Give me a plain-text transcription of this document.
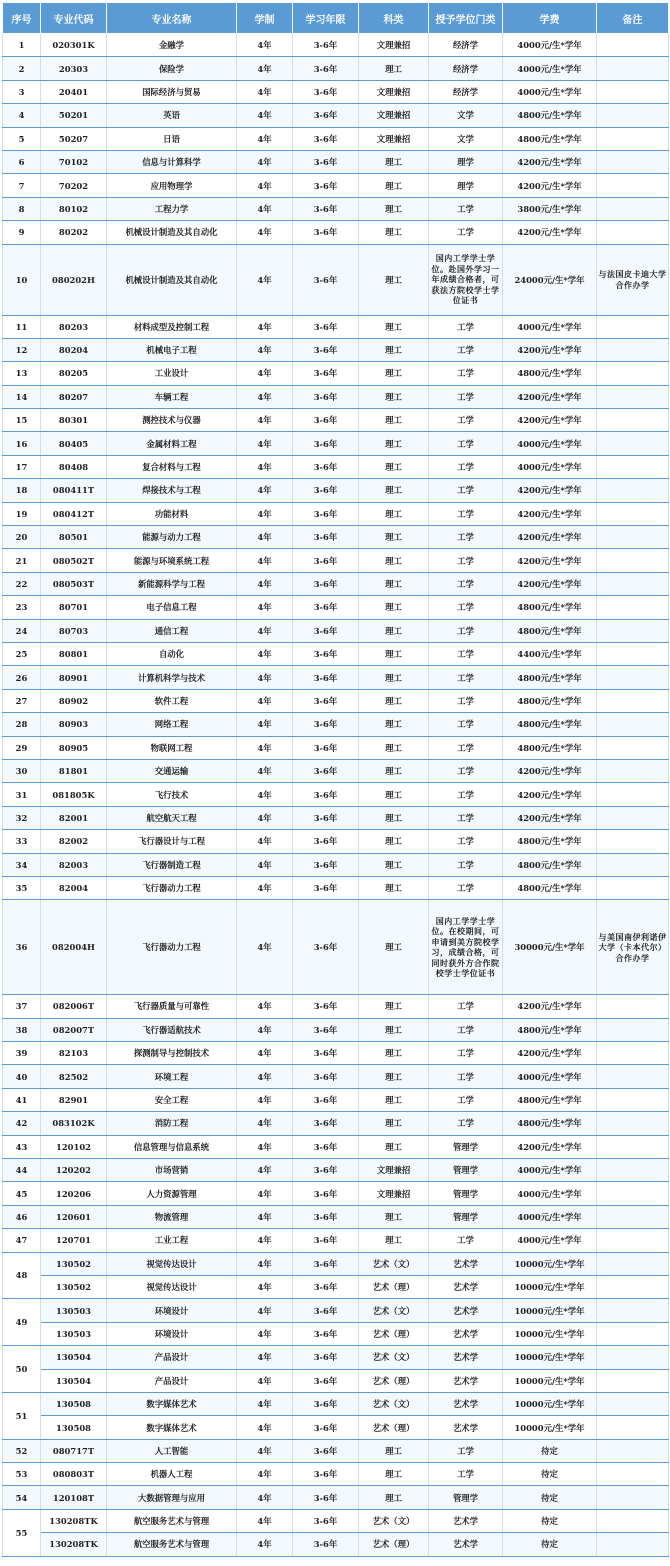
序号	专业代码	专业名称	学制	学习年限	科类	授予学位门类	学费	备注
1	020301K	金融学	4年	3-6年	文理兼招	经济学	4000元/生*学年	
2	20303	保险学	4年	3-6年	理工	经济学	4000元/生*学年	
3	20401	国际经济与贸易	4年	3-6年	文理兼招	经济学	4000元/生*学年	
4	50201	英语	4年	3-6年	文理兼招	文学	4800元/生*学年	
5	50207	日语	4年	3-6年	文理兼招	文学	4800元/生*学年	
6	70102	信息与计算科学	4年	3-6年	理工	理学	4200元/生*学年	
7	70202	应用物理学	4年	3-6年	理工	理学	4200元/生*学年	
8	80102	工程力学	4年	3-6年	理工	工学	3800元/生*学年	
9	80202	机械设计制造及其自动化	4年	3-6年	理工	工学	4200元/生*学年	
10	080202H	机械设计制造及其自动化	4年	3-6年	理工	国内工学学士学位。赴国外学习一年成绩合格者，可获法方院校学士学位证书	24000元/生*学年	与法国皮卡迪大学合作办学
11	80203	材料成型及控制工程	4年	3-6年	理工	工学	4000元/生*学年	
12	80204	机械电子工程	4年	3-6年	理工	工学	4200元/生*学年	
13	80205	工业设计	4年	3-6年	理工	工学	4800元/生*学年	
14	80207	车辆工程	4年	3-6年	理工	工学	4200元/生*学年	
15	80301	测控技术与仪器	4年	3-6年	理工	工学	4200元/生*学年	
16	80405	金属材料工程	4年	3-6年	理工	工学	4000元/生*学年	
17	80408	复合材料与工程	4年	3-6年	理工	工学	4000元/生*学年	
18	080411T	焊接技术与工程	4年	3-6年	理工	工学	4200元/生*学年	
19	080412T	功能材料	4年	3-6年	理工	工学	4200元/生*学年	
20	80501	能源与动力工程	4年	3-6年	理工	工学	4200元/生*学年	
21	080502T	能源与环境系统工程	4年	3-6年	理工	工学	4200元/生*学年	
22	080503T	新能源科学与工程	4年	3-6年	理工	工学	4200元/生*学年	
23	80701	电子信息工程	4年	3-6年	理工	工学	4800元/生*学年	
24	80703	通信工程	4年	3-6年	理工	工学	4800元/生*学年	
25	80801	自动化	4年	3-6年	理工	工学	4400元/生*学年	
26	80901	计算机科学与技术	4年	3-6年	理工	工学	4800元/生*学年	
27	80902	软件工程	4年	3-6年	理工	工学	4800元/生*学年	
28	80903	网络工程	4年	3-6年	理工	工学	4800元/生*学年	
29	80905	物联网工程	4年	3-6年	理工	工学	4800元/生*学年	
30	81801	交通运输	4年	3-6年	理工	工学	4200元/生*学年	
31	081805K	飞行技术	4年	3-6年	理工	工学	4200元/生*学年	
32	82001	航空航天工程	4年	3-6年	理工	工学	4200元/生*学年	
33	82002	飞行器设计与工程	4年	3-6年	理工	工学	4800元/生*学年	
34	82003	飞行器制造工程	4年	3-6年	理工	工学	4800元/生*学年	
35	82004	飞行器动力工程	4年	3-6年	理工	工学	4800元/生*学年	
36	082004H	飞行器动力工程	4年	3-6年	理工	国内工学学士学位。在校期间，可申请到美方院校学习，成绩合格，可同时获外方合作院校学士学位证书	30000元/生*学年	与美国南伊利诺伊大学（卡本代尔）合作办学
37	082006T	飞行器质量与可靠性	4年	3-6年	理工	工学	4200元/生*学年	
38	082007T	飞行器适航技术	4年	3-6年	理工	工学	4800元/生*学年	
39	82103	探测制导与控制技术	4年	3-6年	理工	工学	4200元/生*学年	
40	82502	环境工程	4年	3-6年	理工	工学	4000元/生*学年	
41	82901	安全工程	4年	3-6年	理工	工学	4800元/生*学年	
42	083102K	消防工程	4年	3-6年	理工	工学	4800元/生*学年	
43	120102	信息管理与信息系统	4年	3-6年	理工	管理学	4200元/生*学年	
44	120202	市场营销	4年	3-6年	文理兼招	管理学	4000元/生*学年	
45	120206	人力资源管理	4年	3-6年	文理兼招	管理学	4000元/生*学年	
46	120601	物流管理	4年	3-6年	理工	管理学	4000元/生*学年	
47	120701	工业工程	4年	3-6年	理工	工学	4000元/生*学年	
48	130502	视觉传达设计	4年	3-6年	艺术（文）	艺术学	10000元/生*学年	
	130502	视觉传达设计	4年	3-6年	艺术（理）	艺术学	10000元/生*学年	
49	130503	环境设计	4年	3-6年	艺术（文）	艺术学	10000元/生*学年	
	130503	环境设计	4年	3-6年	艺术（理）	艺术学	10000元/生*学年	
50	130504	产品设计	4年	3-6年	艺术（文）	艺术学	10000元/生*学年	
	130504	产品设计	4年	3-6年	艺术（理）	艺术学	10000元/生*学年	
51	130508	数字媒体艺术	4年	3-6年	艺术（文）	艺术学	10000元/生*学年	
	130508	数字媒体艺术	4年	3-6年	艺术（理）	艺术学	10000元/生*学年	
52	080717T	人工智能	4年	3-6年	理工	工学	待定	
53	080803T	机器人工程	4年	3-6年	理工	工学	待定	
54	120108T	大数据管理与应用	4年	3-6年	理工	管理学	待定	
55	130208TK	航空服务艺术与管理	4年	3-6年	艺术（文）	艺术学	待定	
	130208TK	航空服务艺术与管理	4年	3-6年	艺术（理）	艺术学	待定	
